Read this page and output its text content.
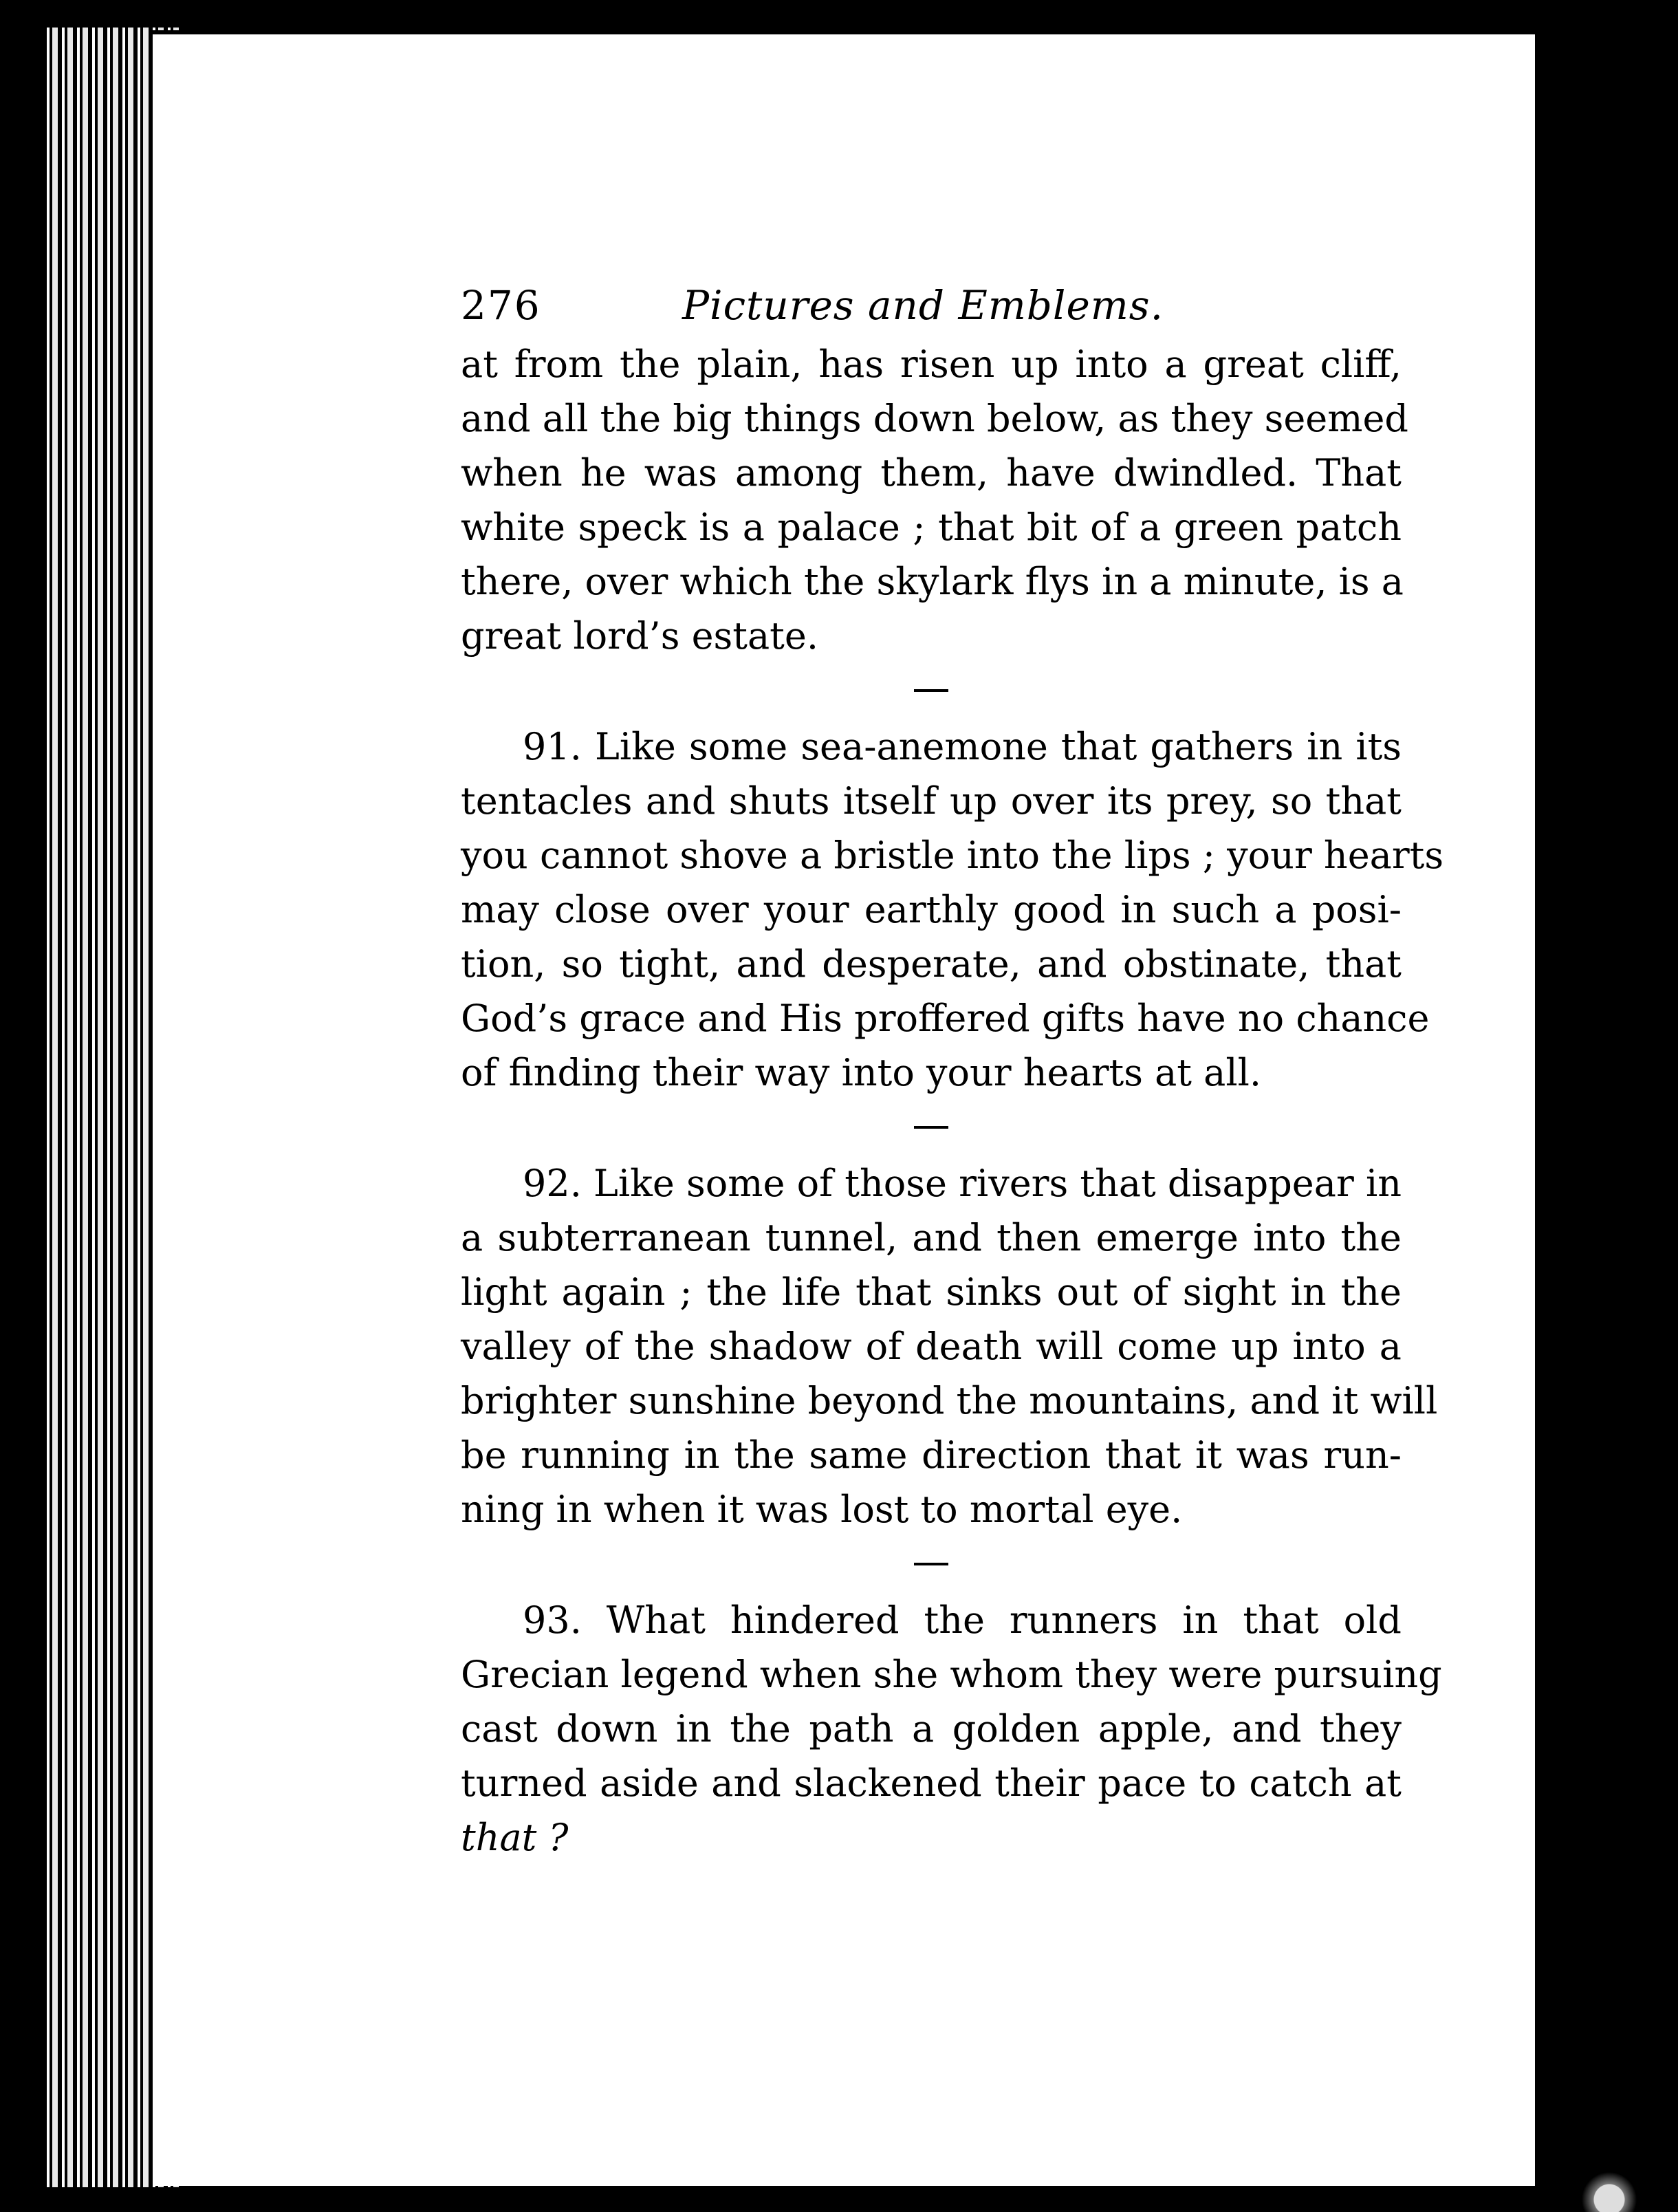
276	Pictures and Emblems.
at from the plain, has risen up into a great cliff,
and all the big things down below, as they seemed
when he was among them, have dwindled. That
white speck is a palace ; that bit of a green patch
there, over which the skylark flys in a minute, is a
great lord’s estate.
91. Like some sea-anemone that gathers in its
tentacles and shuts itself up over its prey, so that
you cannot shove a bristle into the lips ; your hearts
may close over your earthly good in such a posi-
tion, so tight, and desperate, and obstinate, that
God’s grace and His proffered gifts have no chance
of finding their way into your hearts at all.
92. Like some of those rivers that disappear in
a subterranean tunnel, and then emerge into the
light again ; the life that sinks out of sight in the
valley of the shadow of death will come up into a
brighter sunshine beyond the mountains, and it will
be running in the same direction that it was run-
ning in when it was lost to mortal eye.
93. What hindered the runners in that old
Grecian legend when she whom they were pursuing
cast down in the path a golden apple, and they
turned aside and slackened their pace to catch at
that ?
